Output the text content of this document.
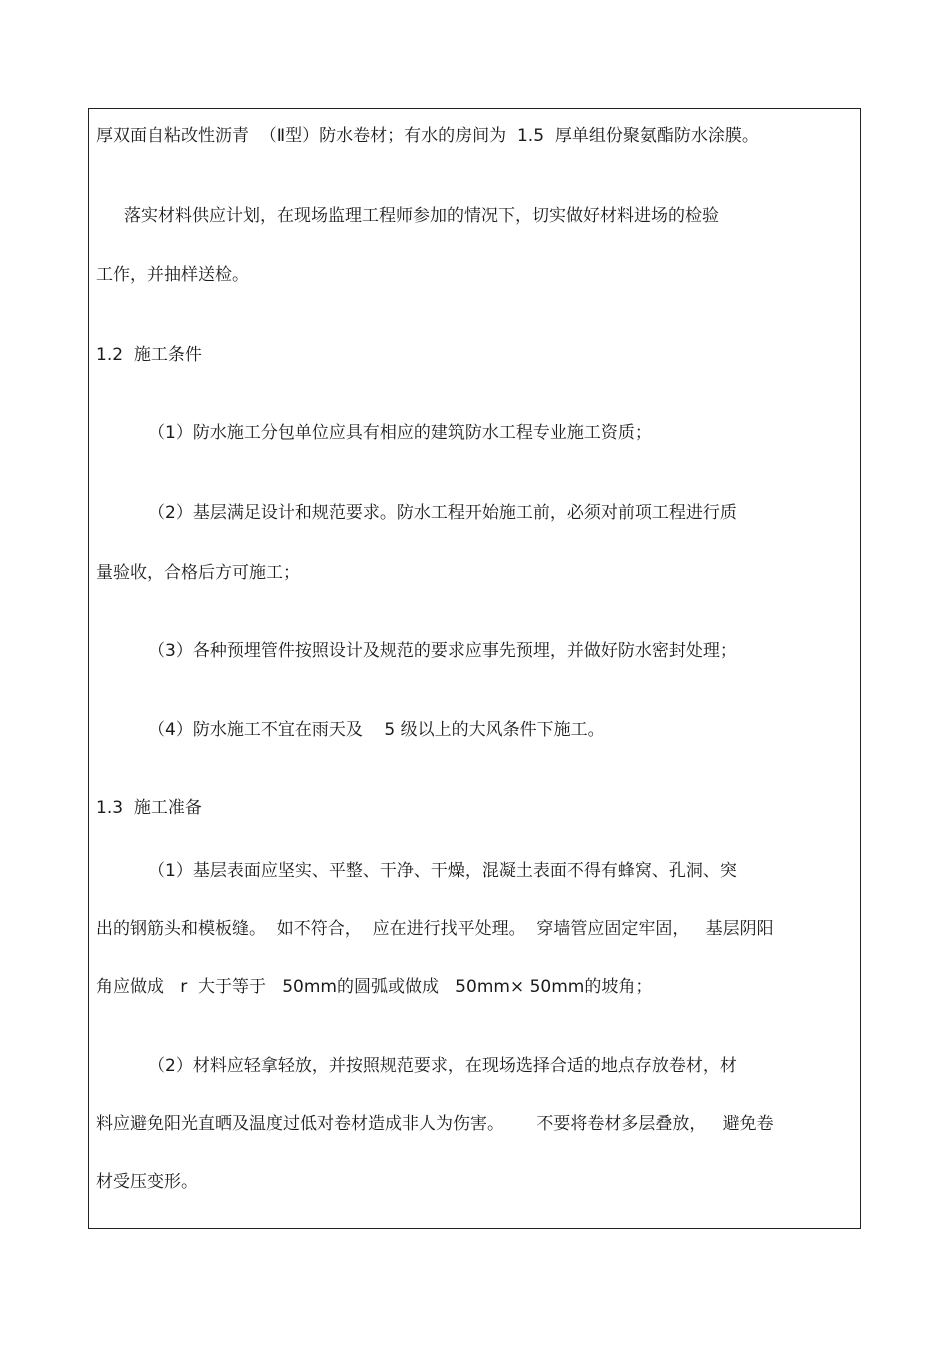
厚双面自粘改性沥青  （Ⅱ型）防水卷材；有水的房间为  1.5  厚单组份聚氨酯防水涂膜。

落实材料供应计划，在现场监理工程师参加的情况下，切实做好材料进场的检验

工作，并抽样送检。

1.2  施工条件

（1）防水施工分包单位应具有相应的建筑防水工程专业施工资质；

（2）基层满足设计和规范要求。防水工程开始施工前，必须对前项工程进行质

量验收，合格后方可施工；

（3）各种预埋管件按照设计及规范的要求应事先预埋，并做好防水密封处理；

（4）防水施工不宜在雨天及    5 级以上的大风条件下施工。

1.3  施工准备

（1）基层表面应坚实、平整、干净、干燥，混凝土表面不得有蜂窝、孔洞、突

出的钢筋头和模板缝。  如不符合，  应在进行找平处理。  穿墙管应固定牢固，   基层阴阳

角应做成   r  大于等于   50mm的圆弧或做成   50mm× 50mm的坡角；

（2）材料应轻拿轻放，并按照规范要求，在现场选择合适的地点存放卷材，材

料应避免阳光直晒及温度过低对卷材造成非人为伤害。      不要将卷材多层叠放，   避免卷

材受压变形。
